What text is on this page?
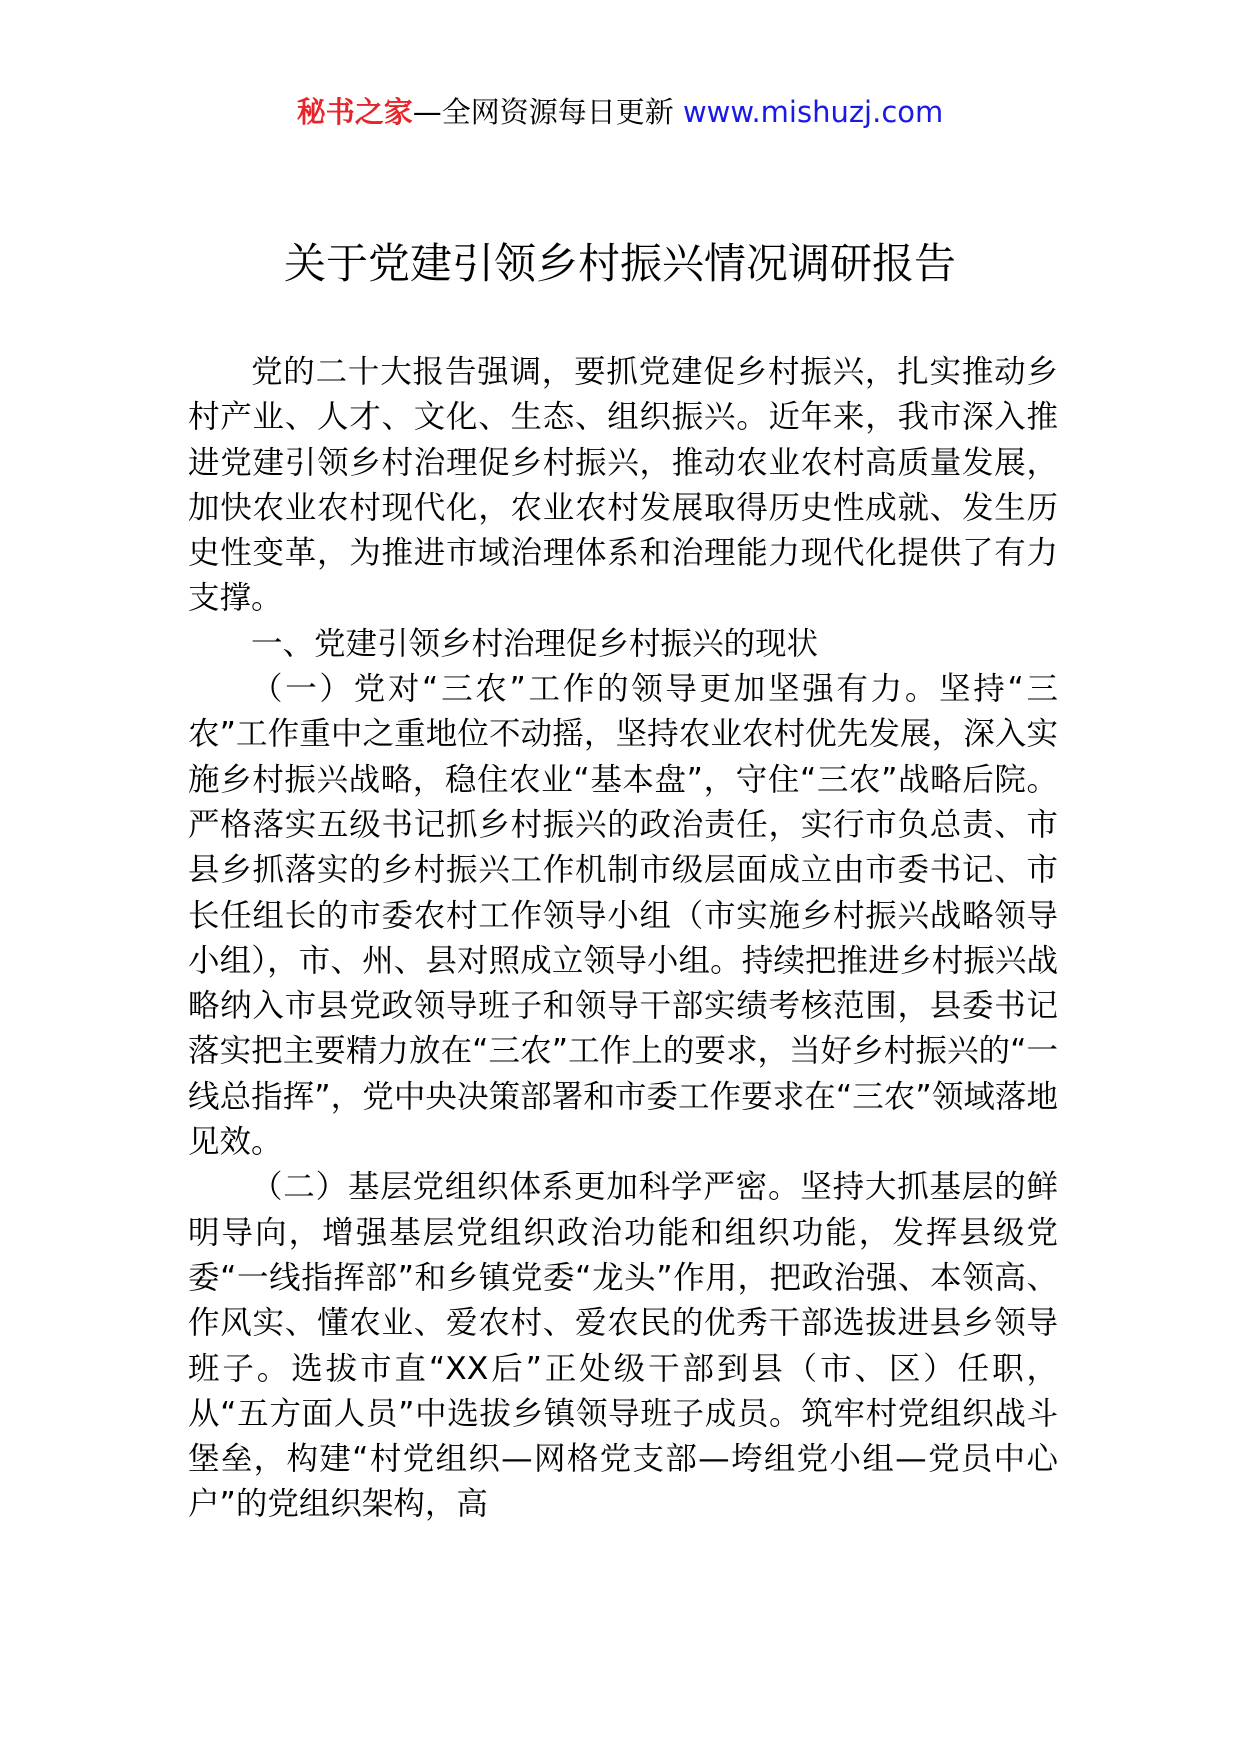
秘书之家—全网资源每日更新 www.mishuzj.com
关于党建引领乡村振兴情况调研报告

党的二十大报告强调，要抓党建促乡村振兴，扎实推动乡村产业、人才、文化、生态、组织振兴。近年来，我市深入推进党建引领乡村治理促乡村振兴，推动农业农村高质量发展，加快农业农村现代化，农业农村发展取得历史性成就、发生历史性变革，为推进市域治理体系和治理能力现代化提供了有力支撑。

一、党建引领乡村治理促乡村振兴的现状

（一）党对“三农”工作的领导更加坚强有力。坚持“三农”工作重中之重地位不动摇，坚持农业农村优先发展，深入实施乡村振兴战略，稳住农业“基本盘”，守住“三农”战略后院。严格落实五级书记抓乡村振兴的政治责任，实行市负总责、市县乡抓落实的乡村振兴工作机制市级层面成立由市委书记、市长任组长的市委农村工作领导小组（市实施乡村振兴战略领导小组），市、州、县对照成立领导小组。持续把推进乡村振兴战略纳入市县党政领导班子和领导干部实绩考核范围，县委书记落实把主要精力放在“三农”工作上的要求，当好乡村振兴的“一线总指挥”，党中央决策部署和市委工作要求在“三农”领域落地见效。

（二）基层党组织体系更加科学严密。坚持大抓基层的鲜明导向，增强基层党组织政治功能和组织功能，发挥县级党委“一线指挥部”和乡镇党委“龙头”作用，把政治强、本领高、作风实、懂农业、爱农村、爱农民的优秀干部选拔进县乡领导班子。选拔市直“XX后”正处级干部到县（市、区）任职，从“五方面人员”中选拔乡镇领导班子成员。筑牢村党组织战斗堡垒，构建“村党组织—网格党支部—垮组党小组—党员中心户”的党组织架构，高
